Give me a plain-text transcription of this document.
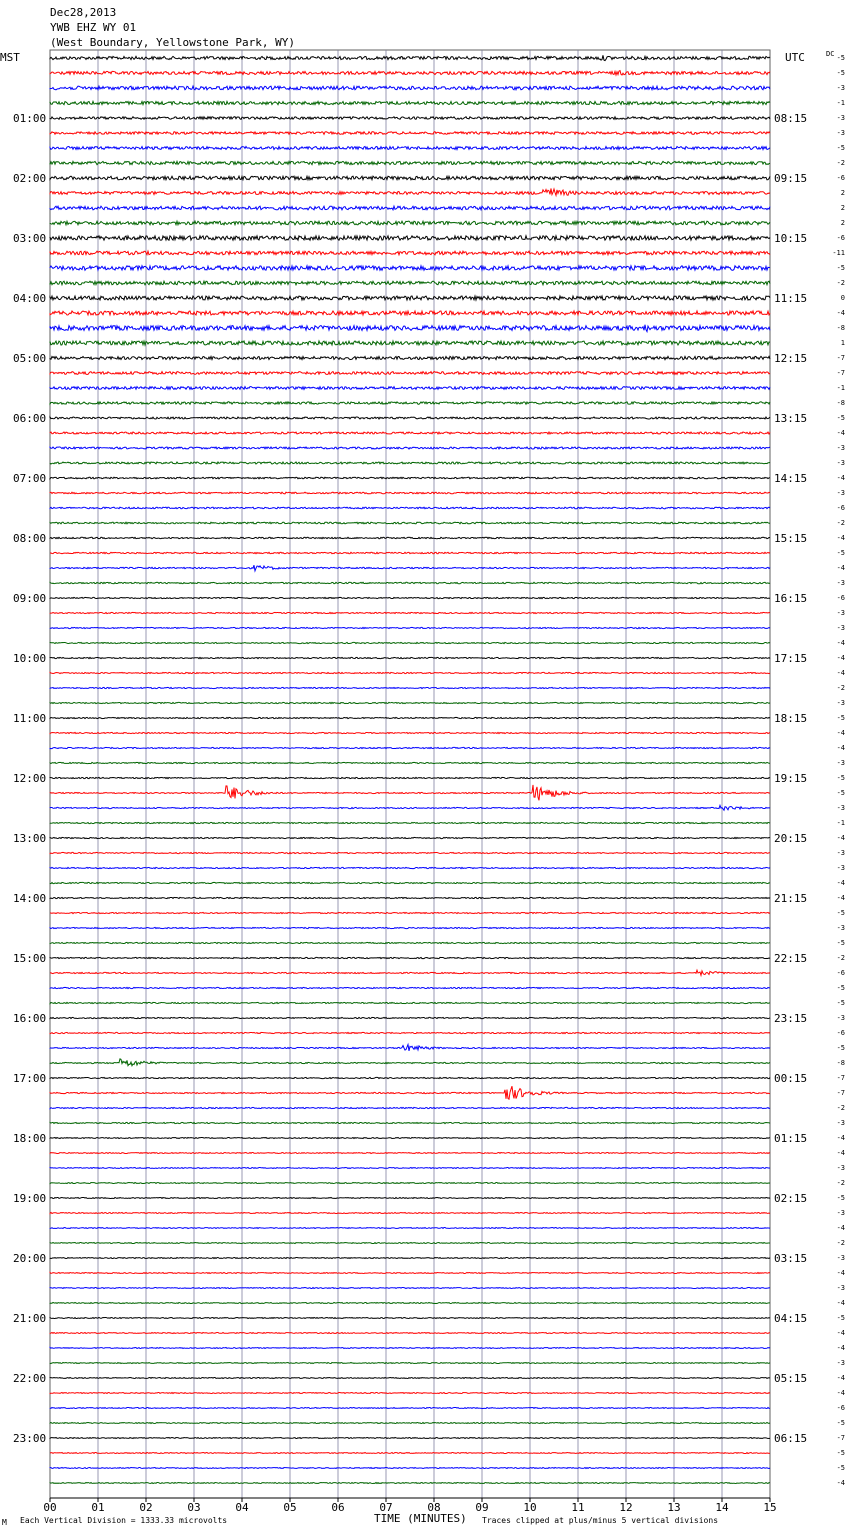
Dec28,2013
YWB EHZ WY 01
(West Boundary, Yellowstone Park, WY)
MST	UTC	DC
01:00	08:15
02:00	09:15
03:00	10:15
04:00	11:15
05:00	12:15
06:00	13:15
07:00	14:15
08:00	15:15
09:00	16:15
10:00	17:15
11:00	18:15
12:00	19:15
13:00	20:15
14:00	21:15
15:00	22:15
16:00	23:15
17:00	00:15
18:00	01:15
19:00	02:15
20:00	03:15
21:00	04:15
22:00	05:15
23:00	06:15
-5
-5
-3
-1
-3
-3
-5
-2
-6
2
2
2
-6
-11
-5
-2
0
-4
-8
1
-7
-7
-1
-8
-5
-4
-3
-3
-4
-3
-6
-2
-4
-5
-4
-3
-6
-3
-3
-4
-4
-4
-2
-3
-5
-4
-4
-3
-5
-5
-3
-1
-4
-3
-3
-4
-4
-5
-3
-5
-2
-6
-5
-5
-3
-6
-5
-8
-7
-7
-2
-3
-4
-4
-3
-2
-5
-3
-4
-2
-3
-4
-3
-4
-5
-4
-4
-3
-4
-4
-6
-5
-7
-5
-5
-4
00	01	02	03	04	05	06	07	08	09	10	11	12	13	14	15
TIME (MINUTES)
Each Vertical Division = 1333.33 microvolts	Traces clipped at plus/minus 5 vertical divisions
M
